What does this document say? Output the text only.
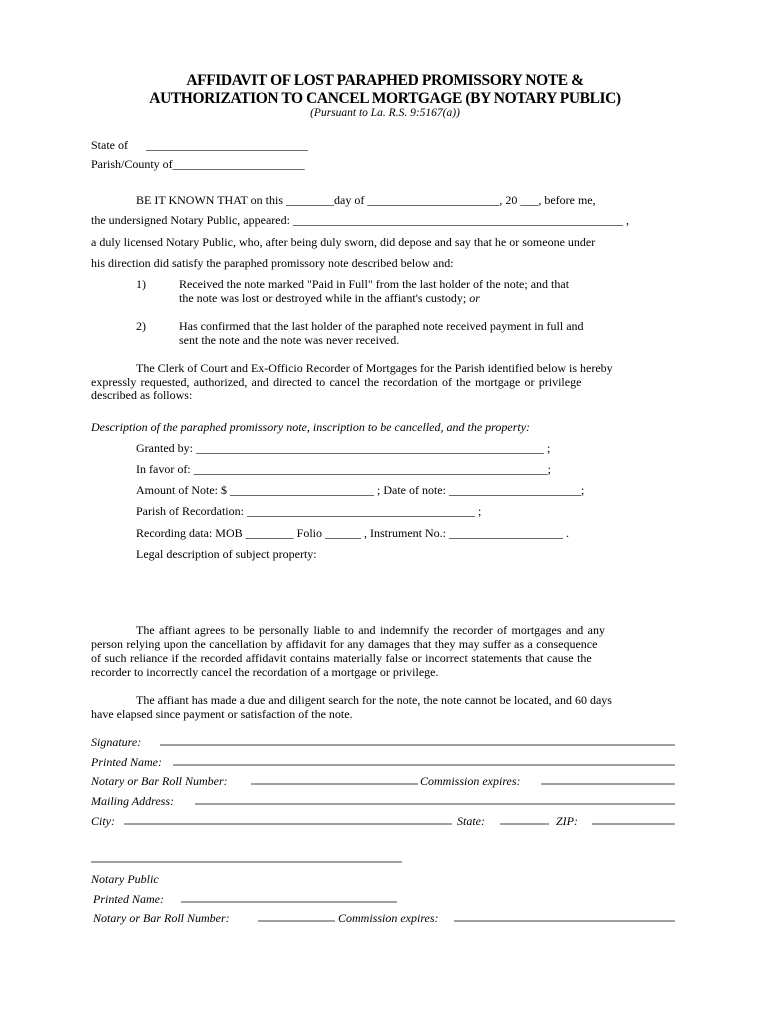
AFFIDAVIT OF LOST PARAPHED PROMISSORY NOTE &
AUTHORIZATION TO CANCEL MORTGAGE (BY NOTARY PUBLIC)
(Pursuant to La. R.S. 9:5167(a))
State of      ___________________________
Parish/County of______________________
BE IT KNOWN THAT on this ________day of ______________________, 20 ___, before me,
the undersigned Notary Public, appeared: _______________________________________________________ ,
a duly licensed Notary Public, who, after being duly sworn, did depose and say that he or someone under
his direction did satisfy the paraphed promissory note described below and:
1)	Received the note marked "Paid in Full" from the last holder of the note; and that
the note was lost or destroyed while in the affiant's custody; or
2)	Has confirmed that the last holder of the paraphed note received payment in full and
sent the note and the note was never received.
The Clerk of Court and Ex-Officio Recorder of Mortgages for the Parish identified below is hereby
expressly requested, authorized, and directed to cancel the recordation of the mortgage or privilege
described as follows:
Description of the paraphed promissory note, inscription to be cancelled, and the property:
Granted by: __________________________________________________________ ;
In favor of: ___________________________________________________________;
Amount of Note: $ ________________________ ; Date of note: ______________________;
Parish of Recordation: ______________________________________ ;
Recording data: MOB ________ Folio ______ , Instrument No.: ___________________ .
Legal description of subject property:
The affiant agrees to be personally liable to and indemnify the recorder of mortgages and any
person relying upon the cancellation by affidavit for any damages that they may suffer as a consequence
of such reliance if the recorded affidavit contains materially false or incorrect statements that cause the
recorder to incorrectly cancel the recordation of a mortgage or privilege.
The affiant has made a due and diligent search for the note, the note cannot be located, and 60 days
have elapsed since payment or satisfaction of the note.
Signature:
Printed Name:
Notary or Bar Roll Number:	Commission expires:
Mailing Address:
City:	State:	ZIP:
Notary Public
Printed Name:
Notary or Bar Roll Number:	Commission expires:
